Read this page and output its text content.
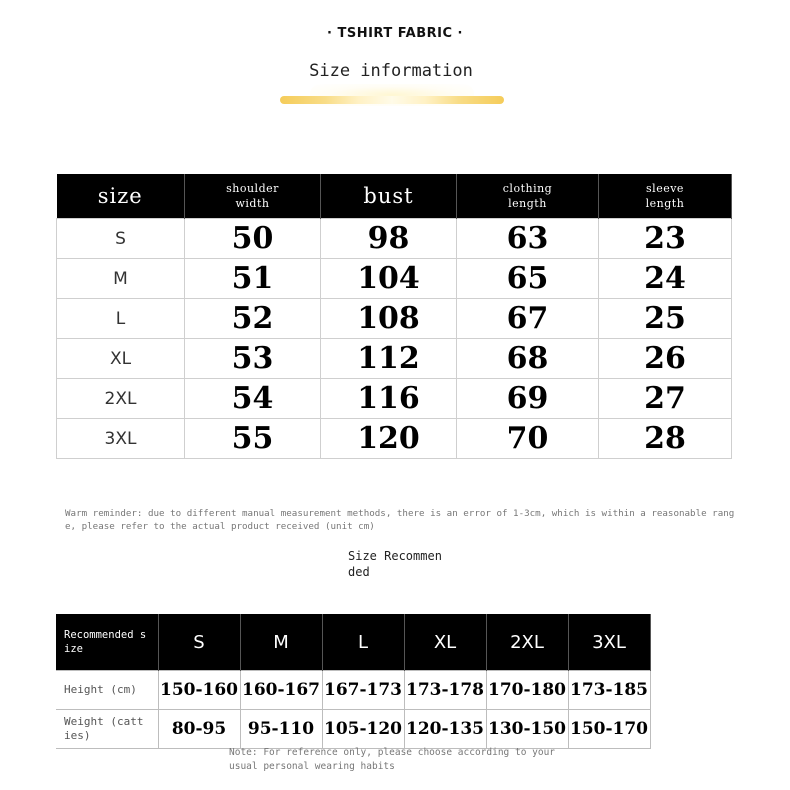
· TSHIRT FABRIC ·
Size information
size	shoulder width	bust	clothing length	sleeve length

S	50	98	63	23
M	51	104	65	24
L	52	108	67	25
XL	53	112	68	26
2XL	54	116	69	27
3XL	55	120	70	28
Warm reminder: due to different manual measurement methods, there is an error of 1-3cm, which is within a reasonable range, please refer to the actual product received (unit cm)
Size Recommended
Recommended size	S	M	L	XL	2XL	3XL
Height (cm)	150-160	160-167	167-173	173-178	170-180	173-185
Weight (catties)	80-95	95-110	105-120	120-135	130-150	150-170
Note: For reference only, please choose according to your usual personal wearing habits
